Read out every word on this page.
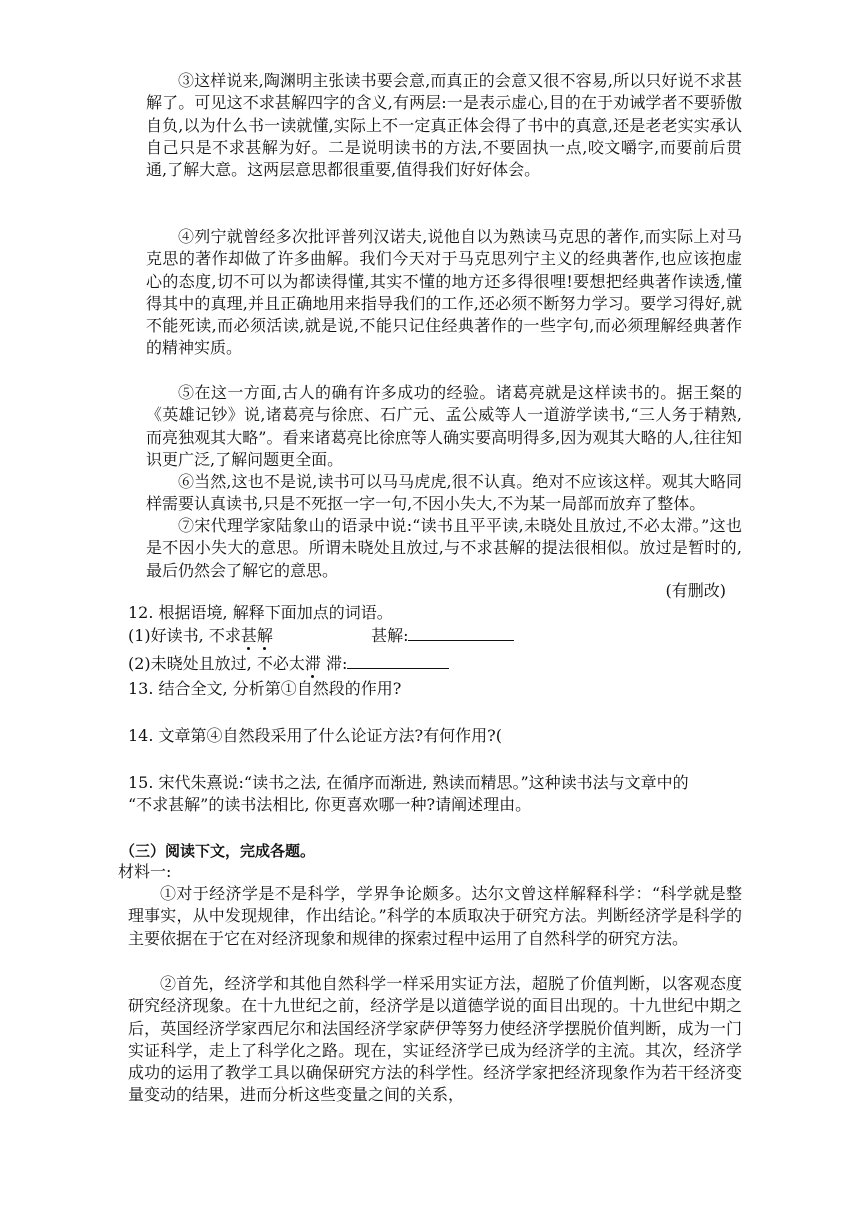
③这样说来,陶渊明主张读书要会意,而真正的会意又很不容易,所以只好说不求甚解了。可见这不求甚解四字的含义,有两层:一是表示虚心,目的在于劝诫学者不要骄傲自负,以为什么书一读就懂,实际上不一定真正体会得了书中的真意,还是老老实实承认自己只是不求甚解为好。二是说明读书的方法,不要固执一点,咬文嚼字,而要前后贯通,了解大意。这两层意思都很重要,值得我们好好体会。

④列宁就曾经多次批评普列汉诺夫,说他自以为熟读马克思的著作,而实际上对马克思的著作却做了许多曲解。我们今天对于马克思列宁主义的经典著作,也应该抱虚心的态度,切不可以为都读得懂,其实不懂的地方还多得很哩!要想把经典著作读透,懂得其中的真理,并且正确地用来指导我们的工作,还必须不断努力学习。要学习得好,就不能死读,而必须活读,就是说,不能只记住经典著作的一些字句,而必须理解经典著作的精神实质。

⑤在这一方面,古人的确有许多成功的经验。诸葛亮就是这样读书的。据王粲的《英雄记钞》说,诸葛亮与徐庶、石广元、孟公威等人一道游学读书,“三人务于精熟,而亮独观其大略”。看来诸葛亮比徐庶等人确实要高明得多,因为观其大略的人,往往知识更广泛,了解问题更全面。

⑥当然,这也不是说,读书可以马马虎虎,很不认真。绝对不应该这样。观其大略同样需要认真读书,只是不死抠一字一句,不因小失大,不为某一局部而放弃了整体。

⑦宋代理学家陆象山的语录中说:“读书且平平读,未晓处且放过,不必太滞。”这也是不因小失大的意思。所谓未晓处且放过,与不求甚解的提法很相似。放过是暂时的,最后仍然会了解它的意思。

(有删改)

12. 根据语境, 解释下面加点的词语。

(1)好读书, 不求甚解	甚解:

(2)未晓处且放过, 不必太滞 滞:

13. 结合全文, 分析第①自然段的作用?

14. 文章第④自然段采用了什么论证方法?有何作用?(

15. 宋代朱熹说:“读书之法, 在循序而渐进, 熟读而精思。”这种读书法与文章中的

“不求甚解”的读书法相比, 你更喜欢哪一种?请阐述理由。

（三）阅读下文，完成各题。

材料一:

①对于经济学是不是科学，学界争论颇多。达尔文曾这样解释科学：“科学就是整理事实，从中发现规律，作出结论。”科学的本质取决于研究方法。判断经济学是科学的主要依据在于它在对经济现象和规律的探索过程中运用了自然科学的研究方法。

②首先，经济学和其他自然科学一样采用实证方法，超脱了价值判断，以客观态度研究经济现象。在十九世纪之前，经济学是以道德学说的面目出现的。十九世纪中期之后，英国经济学家西尼尔和法国经济学家萨伊等努力使经济学摆脱价值判断，成为一门实证科学，走上了科学化之路。现在，实证经济学已成为经济学的主流。其次，经济学成功的运用了教学工具以确保研究方法的科学性。经济学家把经济现象作为若干经济变量变动的结果，进而分析这些变量之间的关系，
